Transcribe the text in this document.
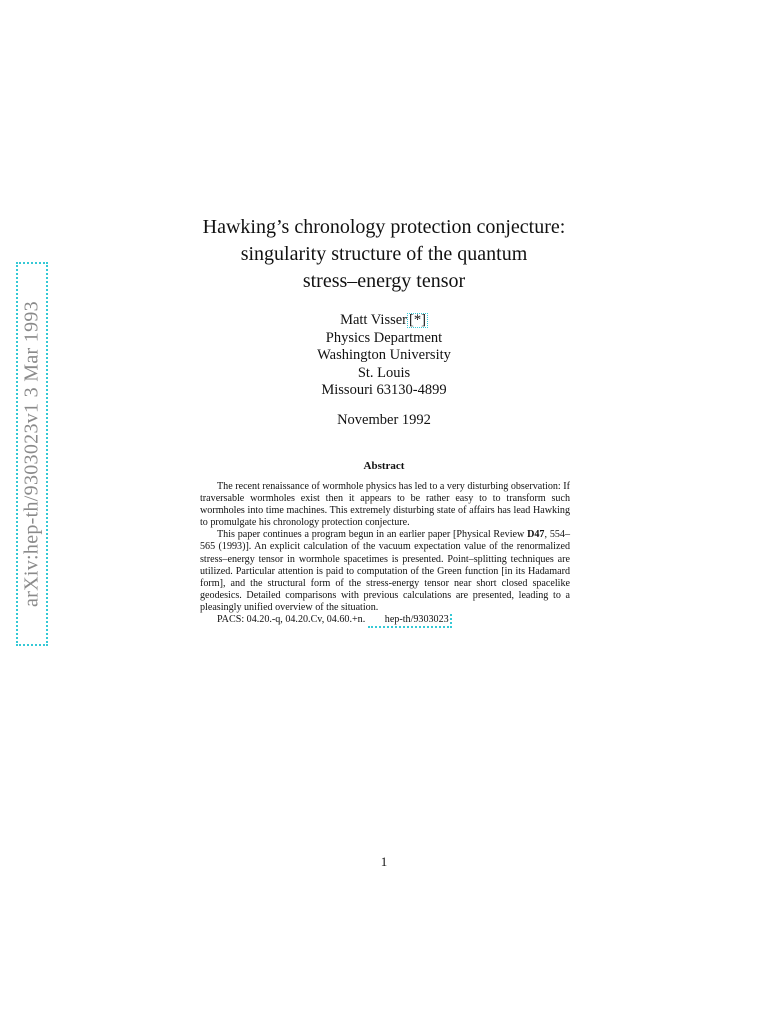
arXiv:hep-th/9303023v1 3 Mar 1993
Hawking’s chronology protection conjecture:
singularity structure of the quantum
stress–energy tensor
Matt Visser [*]
Physics Department
Washington University
St. Louis
Missouri 63130-4899
November 1992
Abstract

The recent renaissance of wormhole physics has led to a very disturbing observation: If traversable wormholes exist then it appears to be rather easy to to transform such wormholes into time machines. This extremely disturbing state of affairs has lead Hawking to promulgate his chronology protection conjecture.

This paper continues a program begun in an earlier paper [Physical Review D47, 554–565 (1993)]. An explicit calculation of the vacuum expectation value of the renormalized stress–energy tensor in wormhole spacetimes is presented. Point–splitting techniques are utilized. Particular attention is paid to computation of the Green function [in its Hadamard form], and the structural form of the stress-energy tensor near short closed spacelike geodesics. Detailed comparisons with previous calculations are presented, leading to a pleasingly unified overview of the situation.

PACS: 04.20.-q, 04.20.Cv, 04.60.+n. hep-th/9303023
1
